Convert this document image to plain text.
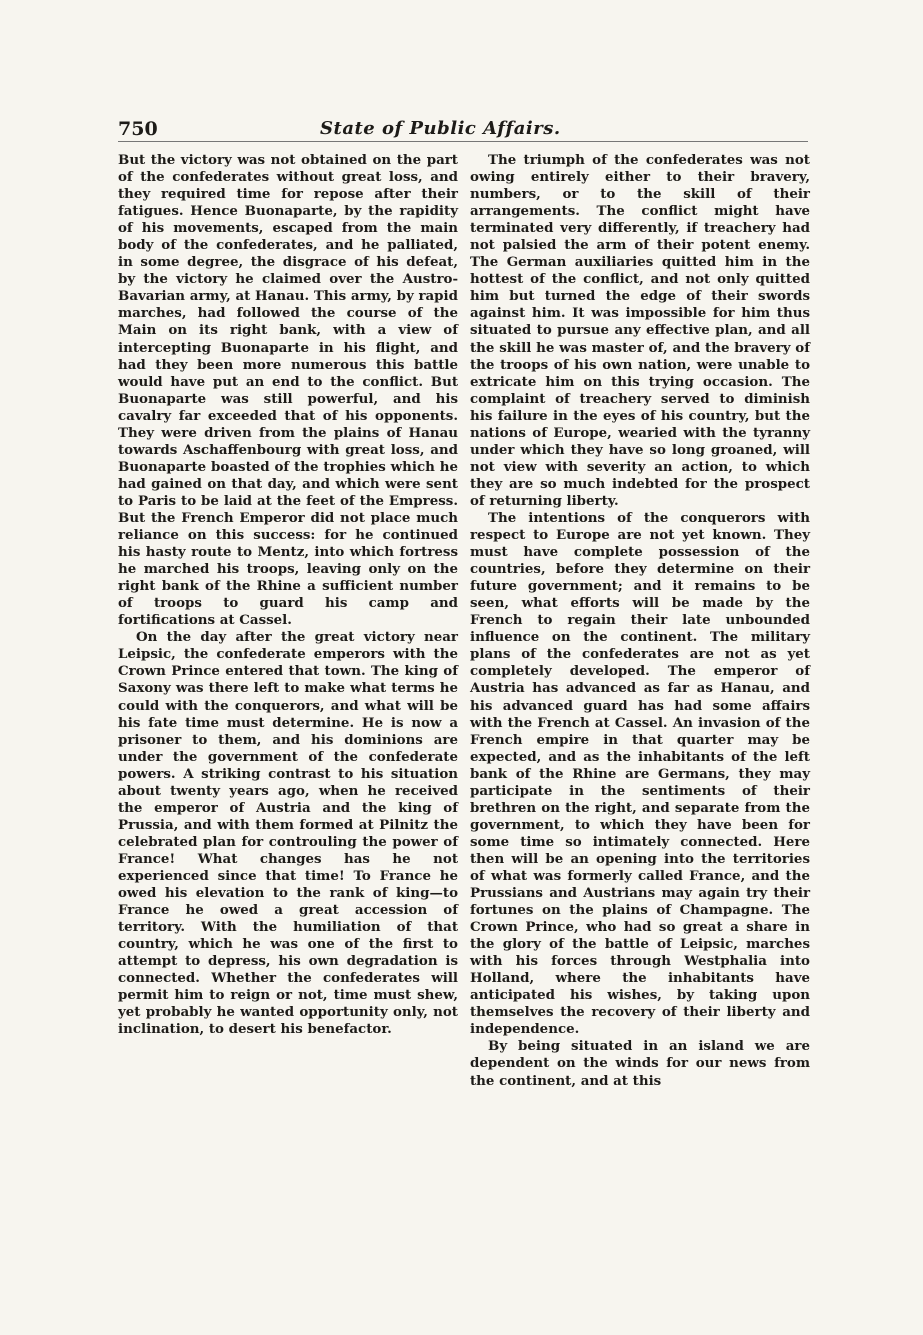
750	State of Public Affairs.

But the victory was not obtained on the part of the confederates without great loss, and they required time for repose after their fatigues. Hence Buonaparte, by the rapidity of his movements, escaped from the main body of the confederates, and he palliated, in some degree, the disgrace of his defeat, by the victory he claimed over the Austro-Bavarian army, at Hanau. This army, by rapid marches, had followed the course of the Main on its right bank, with a view of intercepting Buonaparte in his flight, and had they been more numerous this battle would have put an end to the conflict. But Buonaparte was still powerful, and his cavalry far exceeded that of his opponents. They were driven from the plains of Hanau towards Aschaffenbourg with great loss, and Buonaparte boasted of the trophies which he had gained on that day, and which were sent to Paris to be laid at the feet of the Empress. But the French Emperor did not place much reliance on this success: for he continued his hasty route to Mentz, into which fortress he marched his troops, leaving only on the right bank of the Rhine a sufficient number of troops to guard his camp and fortifications at Cassel.

On the day after the great victory near Leipsic, the confederate emperors with the Crown Prince entered that town. The king of Saxony was there left to make what terms he could with the conquerors, and what will be his fate time must determine. He is now a prisoner to them, and his dominions are under the government of the confederate powers. A striking contrast to his situation about twenty years ago, when he received the emperor of Austria and the king of Prussia, and with them formed at Pilnitz the celebrated plan for controuling the power of France! What changes has he not experienced since that time! To France he owed his elevation to the rank of king—to France he owed a great accession of territory. With the humiliation of that country, which he was one of the first to attempt to depress, his own degradation is connected. Whether the confederates will permit him to reign or not, time must shew, yet probably he wanted opportunity only, not inclination, to desert his benefactor.

The triumph of the confederates was not owing entirely either to their bravery, numbers, or to the skill of their arrangements. The conflict might have terminated very differently, if treachery had not palsied the arm of their potent enemy. The German auxiliaries quitted him in the hottest of the conflict, and not only quitted him but turned the edge of their swords against him. It was impossible for him thus situated to pursue any effective plan, and all the skill he was master of, and the bravery of the troops of his own nation, were unable to extricate him on this trying occasion. The complaint of treachery served to diminish his failure in the eyes of his country, but the nations of Europe, wearied with the tyranny under which they have so long groaned, will not view with severity an action, to which they are so much indebted for the prospect of returning liberty.

The intentions of the conquerors with respect to Europe are not yet known. They must have complete possession of the countries, before they determine on their future government; and it remains to be seen, what efforts will be made by the French to regain their late unbounded influence on the continent. The military plans of the confederates are not as yet completely developed. The emperor of Austria has advanced as far as Hanau, and his advanced guard has had some affairs with the French at Cassel. An invasion of the French empire in that quarter may be expected, and as the inhabitants of the left bank of the Rhine are Germans, they may participate in the sentiments of their brethren on the right, and separate from the government, to which they have been for some time so intimately connected. Here then will be an opening into the territories of what was formerly called France, and the Prussians and Austrians may again try their fortunes on the plains of Champagne. The Crown Prince, who had so great a share in the glory of the battle of Leipsic, marches with his forces through Westphalia into Holland, where the inhabitants have anticipated his wishes, by taking upon themselves the recovery of their liberty and independence.

By being situated in an island we are dependent on the winds for our news from the continent, and at this
